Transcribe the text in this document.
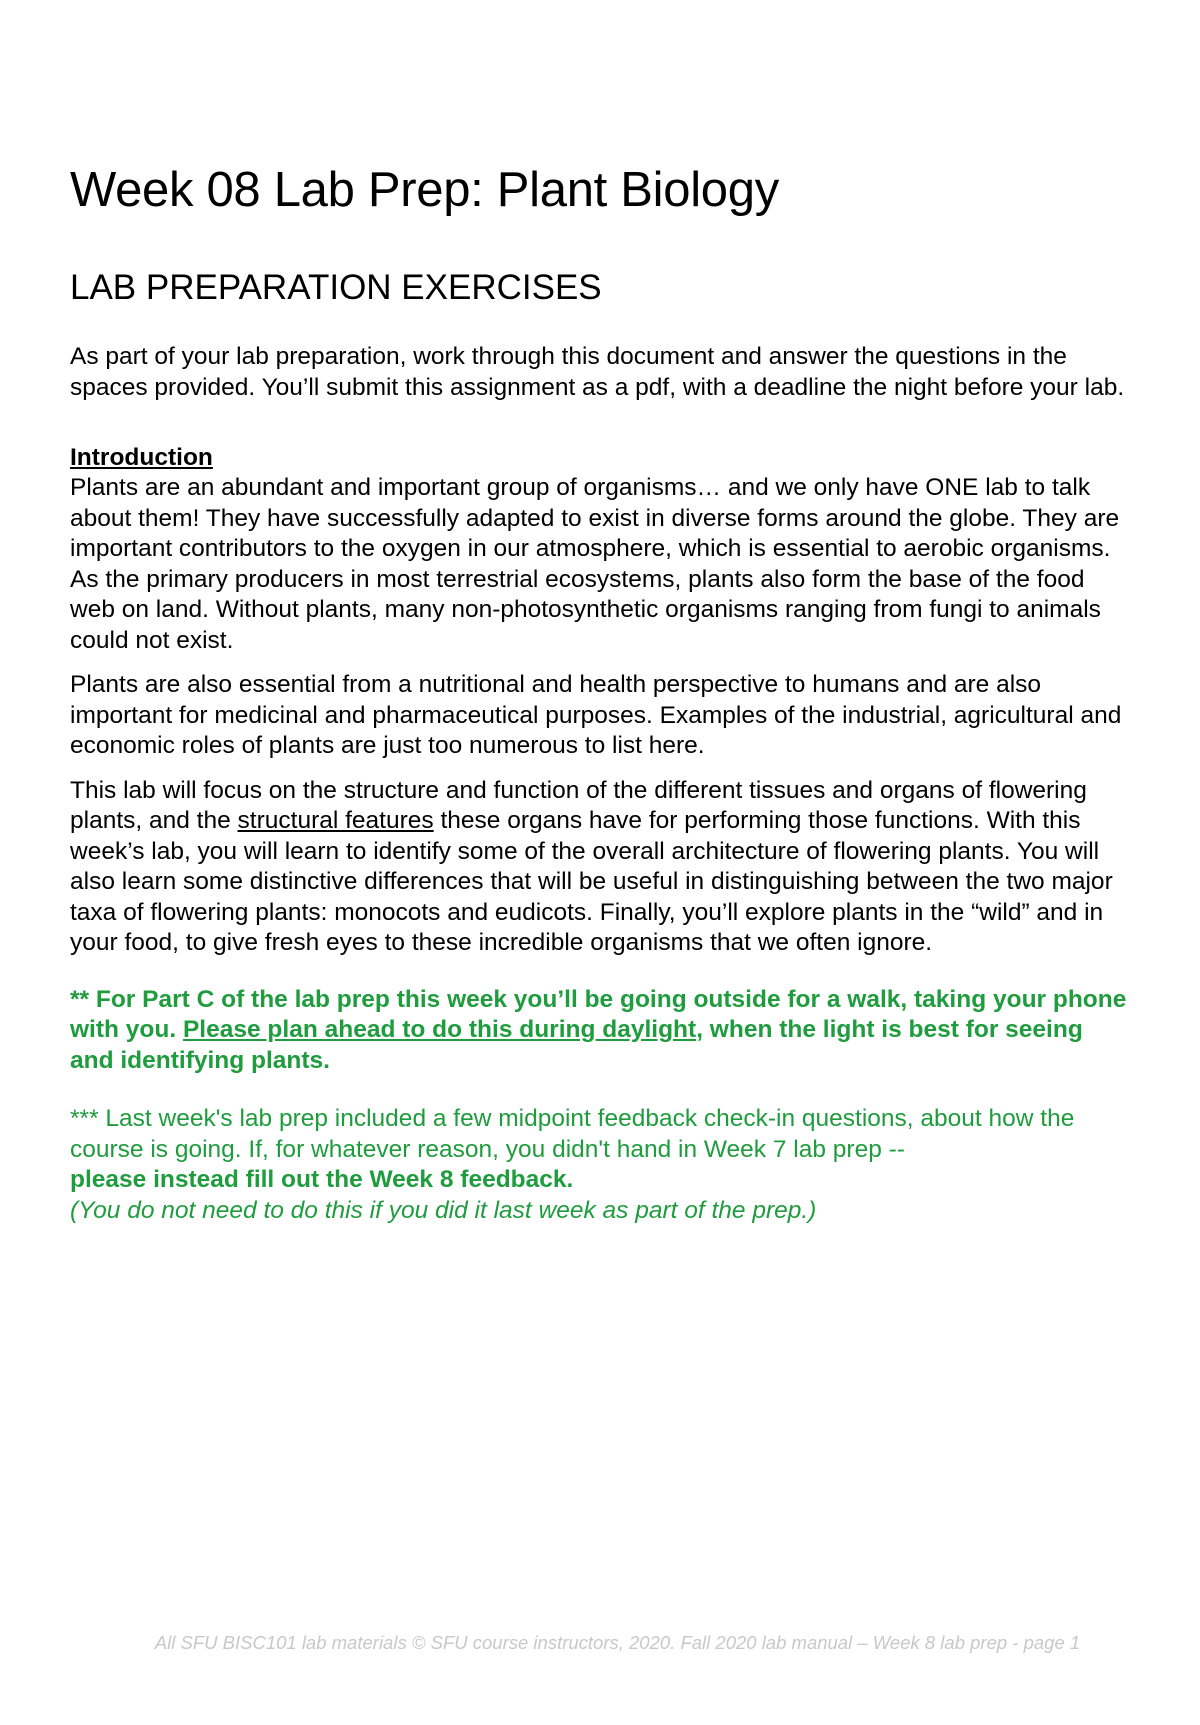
Week 08 Lab Prep: Plant Biology
LAB PREPARATION EXERCISES

As part of your lab preparation, work through this document and answer the questions in the spaces provided. You’ll submit this assignment as a pdf, with a deadline the night before your lab.

Introduction

Plants are an abundant and important group of organisms… and we only have ONE lab to talk about them! They have successfully adapted to exist in diverse forms around the globe. They are important contributors to the oxygen in our atmosphere, which is essential to aerobic organisms. As the primary producers in most terrestrial ecosystems, plants also form the base of the food web on land. Without plants, many non-photosynthetic organisms ranging from fungi to animals could not exist.

Plants are also essential from a nutritional and health perspective to humans and are also important for medicinal and pharmaceutical purposes. Examples of the industrial, agricultural and economic roles of plants are just too numerous to list here.

This lab will focus on the structure and function of the different tissues and organs of flowering plants, and the structural features these organs have for performing those functions. With this week’s lab, you will learn to identify some of the overall architecture of flowering plants. You will also learn some distinctive differences that will be useful in distinguishing between the two major taxa of flowering plants: monocots and eudicots. Finally, you’ll explore plants in the “wild” and in your food, to give fresh eyes to these incredible organisms that we often ignore.

** For Part C of the lab prep this week you’ll be going outside for a walk, taking your phone with you. Please plan ahead to do this during daylight, when the light is best for seeing and identifying plants.

*** Last week's lab prep included a few midpoint feedback check-in questions, about how the course is going. If, for whatever reason, you didn't hand in Week 7 lab prep --
please instead fill out the Week 8 feedback.
(You do not need to do this if you did it last week as part of the prep.)
All SFU BISC101 lab materials © SFU course instructors, 2020. Fall 2020 lab manual – Week 8 lab prep - page 1
